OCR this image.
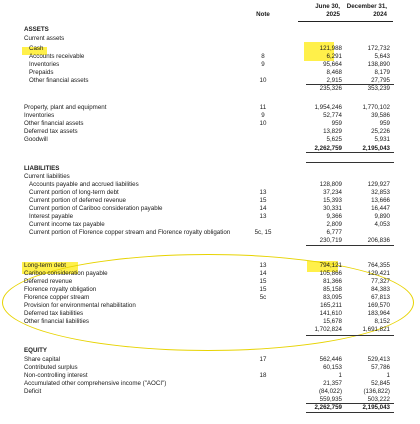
June 30,
2025
December 31,
2024
Note
ASSETS
Current assets
Cash	121,988	172,732
Accounts receivable	8	6,291	5,643
Inventories	9	95,664	138,890
Prepaids	8,468	8,179
Other financial assets	10	2,915	27,795
235,326	353,239
Property, plant and equipment	11	1,954,246	1,770,102
Inventories	9	52,774	39,586
Other financial assets	10	959	959
Deferred tax assets	13,829	25,226
Goodwill	5,625	5,931
2,262,759	2,195,043
LIABILITIES
Current liabilities
Accounts payable and accrued liabilities	128,809	129,927
Current portion of long-term debt	13	37,234	32,853
Current portion of deferred revenue	15	15,393	13,666
Current portion of Cariboo consideration payable	14	30,331	16,447
Interest payable	13	9,366	9,890
Current income tax payable	2,809	4,053
Current portion of Florence copper stream and Florence royalty obligation	5c, 15	6,777
230,719	206,836
Long-term debt	13	794,121	764,355
Cariboo consideration payable	14	105,866	129,421
Deferred revenue	15	81,366	77,327
Florence royalty obligation	15	85,158	84,383
Florence copper stream	5c	83,095	67,813
Provision for environmental rehabilitation	165,211	169,570
Deferred tax liabilities	141,610	183,964
Other financial liabilities	15,678	8,152
1,702,824	1,691,821
EQUITY
Share capital	17	562,446	529,413
Contributed surplus	60,153	57,786
Non-controlling interest	18	1	1
Accumulated other comprehensive income ("AOCI")	21,357	52,845
Deficit	(84,022)	(136,822)
559,935	503,222
2,262,759	2,195,043
